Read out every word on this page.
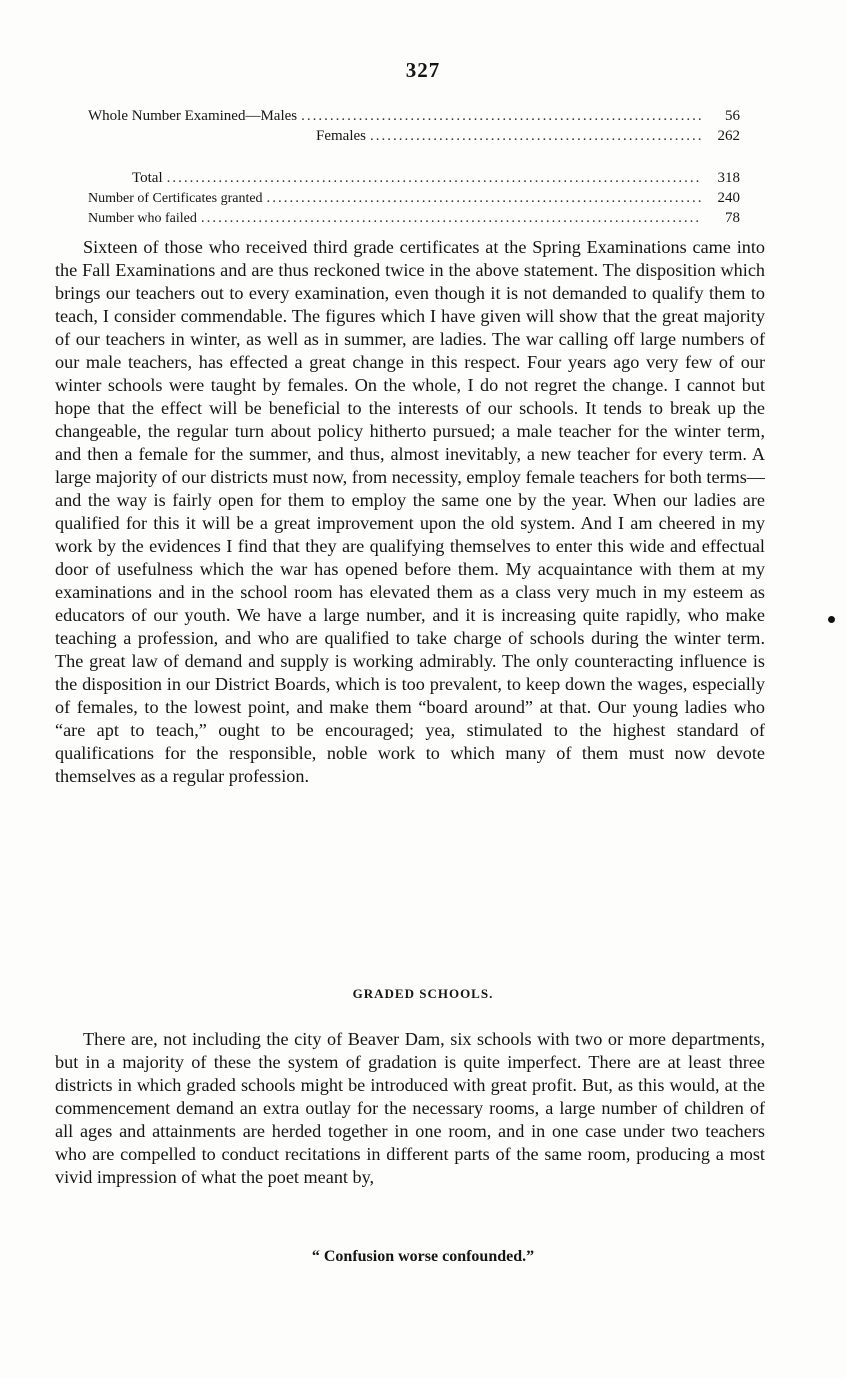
327
Whole Number Examined—Males .....	56
Females .....	262
Total .....	318
Number of Certificates granted .....	240
Number who failed .....	78

Sixteen of those who received third grade certificates at the Spring Examinations came into the Fall Examinations and are thus reckoned twice in the above statement. The disposition which brings our teachers out to every examination, even though it is not demanded to qualify them to teach, I consider commendable. The figures which I have given will show that the great majority of our teachers in winter, as well as in summer, are ladies. The war calling off large numbers of our male teachers, has effected a great change in this respect. Four years ago very few of our winter schools were taught by females. On the whole, I do not regret the change. I cannot but hope that the effect will be beneficial to the interests of our schools. It tends to break up the changeable, the regular turn about policy hitherto pursued; a male teacher for the winter term, and then a female for the summer, and thus, almost inevitably, a new teacher for every term. A large majority of our districts must now, from necessity, employ female teachers for both terms—and the way is fairly open for them to employ the same one by the year. When our ladies are qualified for this it will be a great improvement upon the old system. And I am cheered in my work by the evidences I find that they are qualifying themselves to enter this wide and effectual door of usefulness which the war has opened before them. My acquaintance with them at my examinations and in the school room has elevated them as a class very much in my esteem as educators of our youth. We have a large number, and it is increasing quite rapidly, who make teaching a profession, and who are qualified to take charge of schools during the winter term. The great law of demand and supply is working admirably. The only counteracting influence is the disposition in our District Boards, which is too prevalent, to keep down the wages, especially of females, to the lowest point, and make them “board around” at that. Our young ladies who “are apt to teach,” ought to be encouraged; yea, stimulated to the highest standard of qualifications for the responsible, noble work to which many of them must now devote themselves as a regular profession.

GRADED SCHOOLS.

There are, not including the city of Beaver Dam, six schools with two or more departments, but in a majority of these the system of gradation is quite imperfect. There are at least three districts in which graded schools might be introduced with great profit. But, as this would, at the commencement demand an extra outlay for the necessary rooms, a large number of children of all ages and attainments are herded together in one room, and in one case under two teachers who are compelled to conduct recitations in different parts of the same room, producing a most vivid impression of what the poet meant by,

“ Confusion worse confounded.”
